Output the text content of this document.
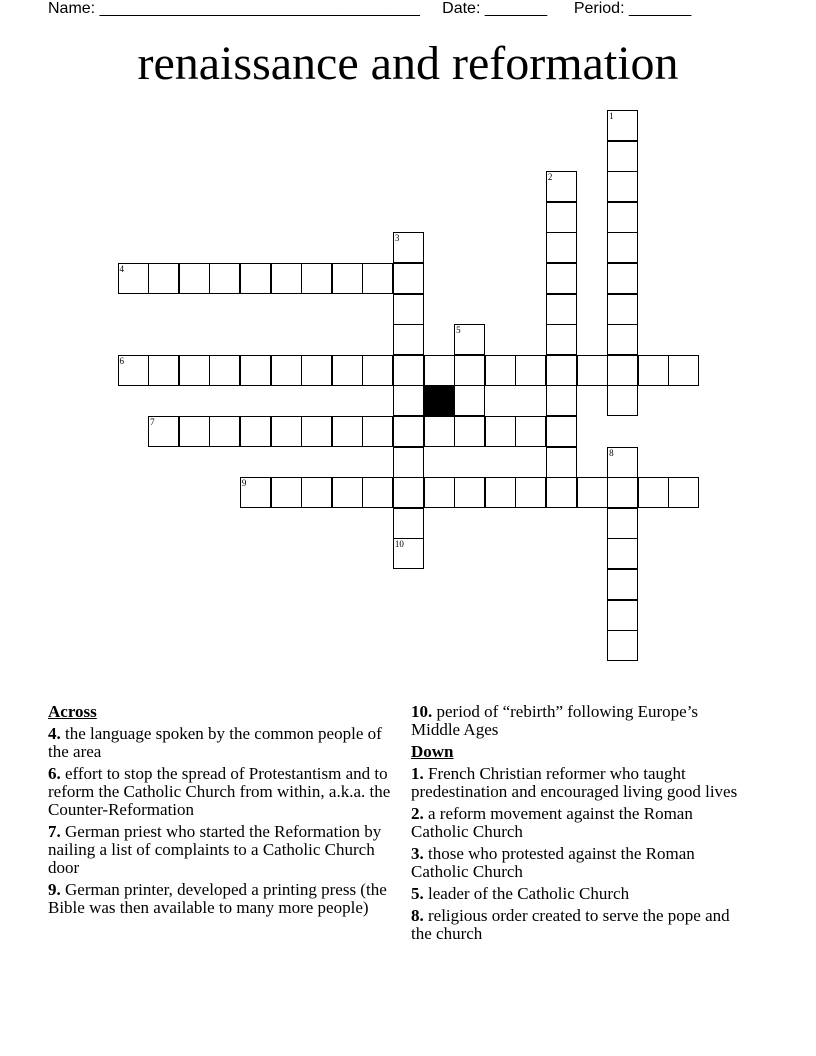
Name: ____________________________________ Date: _______ Period: _______
renaissance and reformation
1
2
3
10
4
5
6
7
8
9
Across
4. the language spoken by the common people of the area
6. effort to stop the spread of Protestantism and to reform the Catholic Church from within, a.k.a. the Counter-Reformation
7. German priest who started the Reformation by nailing a list of complaints to a Catholic Church door
9. German printer, developed a printing press (the Bible was then available to many more people)
10. period of “rebirth” following Europe’s Middle Ages
Down
1. French Christian reformer who taught predestination and encouraged living good lives
2. a reform movement against the Roman Catholic Church
3. those who protested against the Roman Catholic Church
5. leader of the Catholic Church
8. religious order created to serve the pope and the church
